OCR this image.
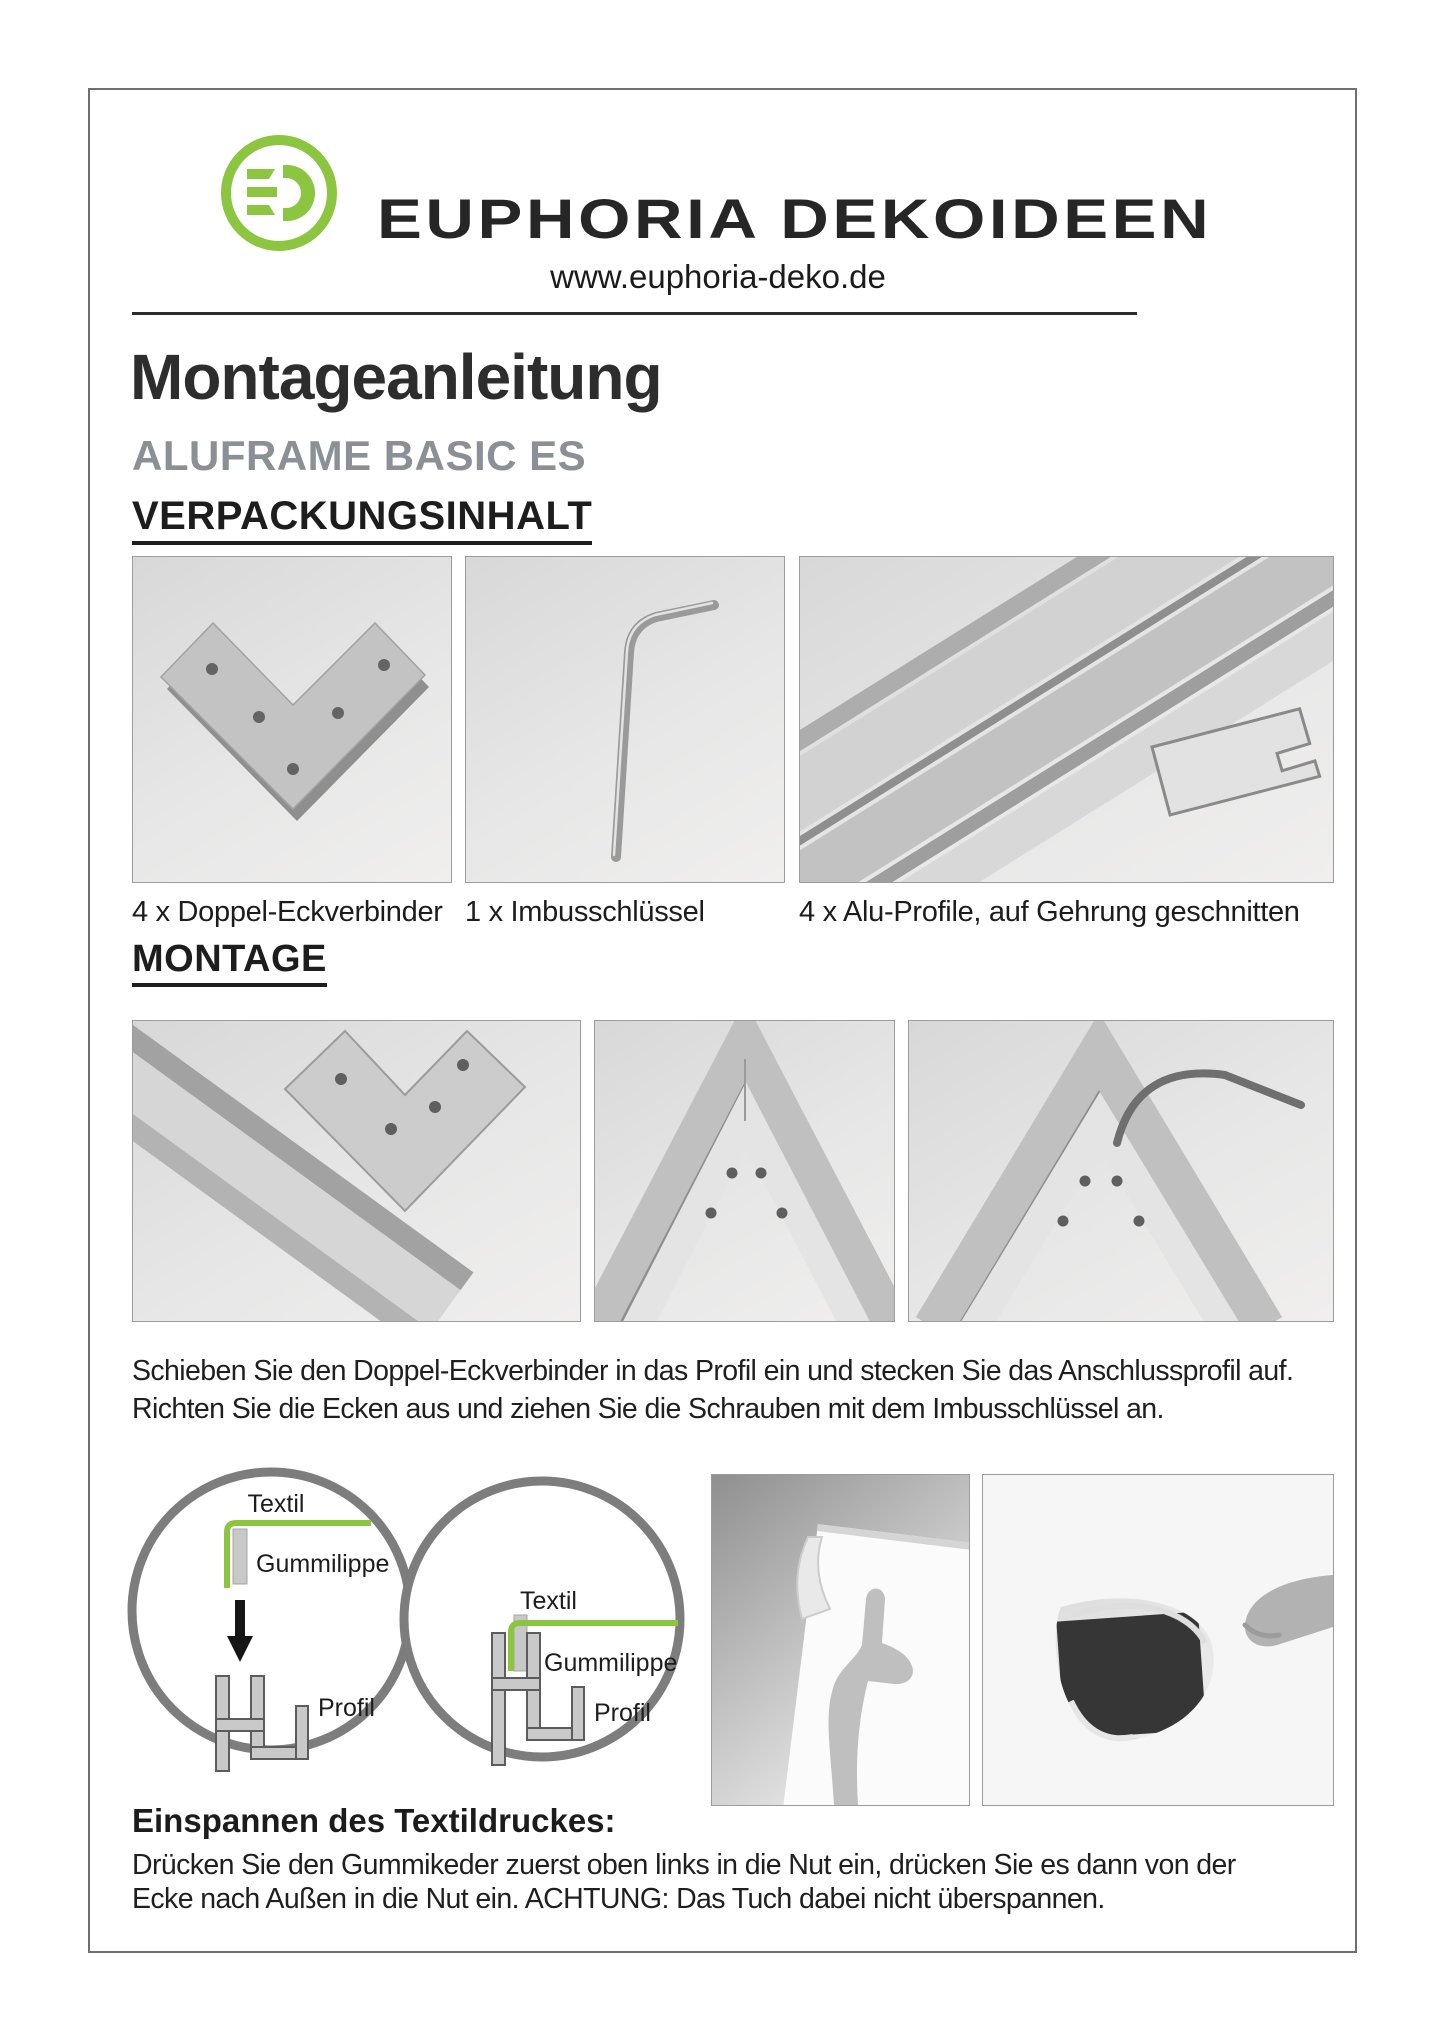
EUPHORIA DEKOIDEEN
www.euphoria-deko.de
Montageanleitung
ALUFRAME BASIC ES
VERPACKUNGSINHALT
4 x Doppel-Eckverbinder 1 x Imbusschlüssel	4 x Alu-Profile, auf Gehrung geschnitten
MONTAGE
Schieben Sie den Doppel-Eckverbinder in das Profil ein und stecken Sie das Anschlussprofil auf. Richten Sie die Ecken aus und ziehen Sie die Schrauben mit dem Imbusschlüssel an.
Textil
Gummilippe
Profil
Textil
Gummilippe
Profil
Einspannen des Textildruckes:
Drücken Sie den Gummikeder zuerst oben links in die Nut ein, drücken Sie es dann von der Ecke nach Außen in die Nut ein. ACHTUNG: Das Tuch dabei nicht überspannen.
